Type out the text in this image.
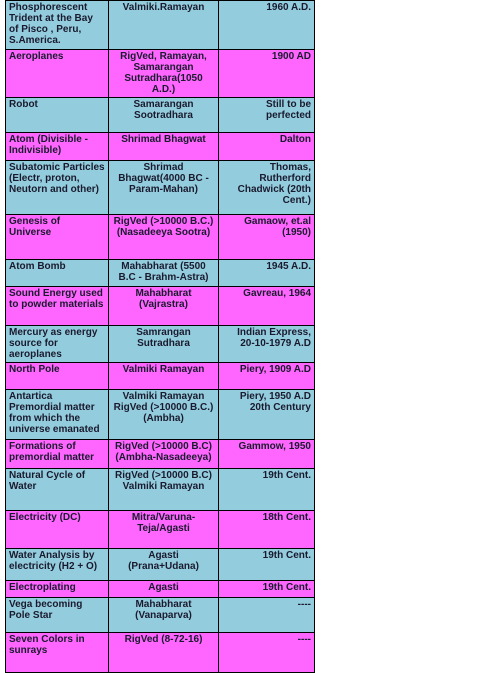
Phosphorescent Trident at the Bay of Pisco , Peru, S.America.	Valmiki.Ramayan	1960 A.D.
Aeroplanes	RigVed, Ramayan, Samarangan Sutradhara(1050 A.D.)	1900 AD
Robot	Samarangan Sootradhara	Still to be perfected
Atom (Divisible - Indivisible)	Shrimad Bhagwat	Dalton
Subatomic Particles (Electr, proton, Neutorn and other)	Shrimad Bhagwat(4000 BC - Param-Mahan)	Thomas, Rutherford Chadwick (20th Cent.)
Genesis of Universe	RigVed (>10000 B.C.) (Nasadeeya Sootra)	Gamaow, et.al (1950)
Atom Bomb	Mahabharat (5500 B.C - Brahm-Astra)	1945 A.D.
Sound Energy used to powder materials	Mahabharat (Vajrastra)	Gavreau, 1964
Mercury as energy source for aeroplanes	Samrangan Sutradhara	Indian Express, 20-10-1979 A.D
North Pole	Valmiki Ramayan	Piery, 1909 A.D
Antartica Premordial matter from which the universe emanated	Valmiki Ramayan RigVed (>10000 B.C.) (Ambha)	Piery, 1950 A.D 20th Century
Formations of premordial matter	RigVed (>10000 B.C) (Ambha-Nasadeeya)	Gammow, 1950
Natural Cycle of Water	RigVed (>10000 B.C) Valmiki Ramayan	19th Cent.
Electricity (DC)	Mitra/Varuna-Teja/Agasti	18th Cent.
Water Analysis by electricity (H2 + O)	Agasti (Prana+Udana)	19th Cent.
Electroplating	Agasti	19th Cent.
Vega becoming Pole Star	Mahabharat (Vanaparva)	----
Seven Colors in sunrays	RigVed (8-72-16)	----
